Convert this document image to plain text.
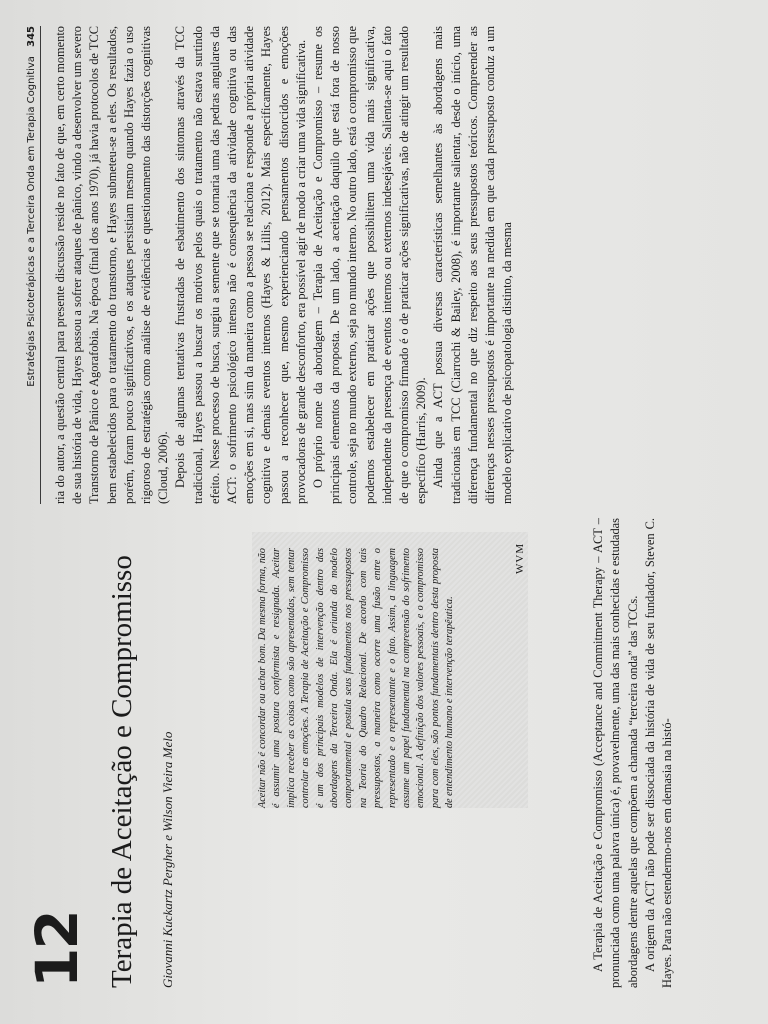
12 Terapia de Aceitação e Compromisso Giovanni Kuckartz Pergher e Wilson Vieira Melo
Aceitar não é concordar ou achar bom. Da mesma forma, não é assumir uma postura conformista e resignada. Aceitar implica receber as coisas como são apresentadas, sem tentar controlar as emoções. A Terapia de Aceitação e Compromisso é um dos principais modelos de intervenção dentro das abordagens da Terceira Onda. Ela é oriunda do modelo comportamental e postula seus fundamentos nos pressupostos na Teoria do Quadro Relacional. De acordo com tais pressupostos, a maneira como ocorre uma fusão entre o representado e o representante e o fato. Assim, a linguagem assume um papel fundamental na compreensão do sofrimento emocional. A definição dos valores pessoais, e o compromisso para com eles, são pontos fundamentais dentro desta proposta de entendimento humano e intervenção terapêutica.
WVM	A Terapia de Aceitação e Compromisso (Acceptance and Commitment Therapy – ACT – pronunciada como uma palavra única) é, provavelmente, uma das mais conhecidas e estudadas abordagens dentre aquelas que compõem a chamada “terceira onda” das TCCs. A origem da ACT não pode ser dissociada da história de vida de seu fundador, Steven C. Hayes. Para não estendermo-nos em demasia na histó-

Estratégias Psicoterápicas e a Terceira Onda em Terapia Cognitiva 345	ria do autor, a questão central para presente discussão reside no fato de que, em certo momento de sua história de vida, Hayes passou a sofrer ataques de pânico, vindo a desenvolver um severo Transtorno de Pânico e Agorafobia. Na época (final dos anos 1970), já havia protocolos de TCC bem estabelecidos para o tratamento do transtorno, e Hayes submeteu-se a eles. Os resultados, porém, foram pouco significativos, e os ataques persistiam mesmo quando Hayes fazia o uso rigoroso de estratégias como análise de evidências e questionamento das distorções cognitivas (Cloud, 2006). Depois de algumas tentativas frustradas de esbatimento dos sintomas através da TCC tradicional, Hayes passou a buscar os motivos pelos quais o tratamento não estava surtindo efeito. Nesse processo de busca, surgiu a semente que se tornaria uma das pedras angulares da ACT: o sofrimento psicológico intenso não é consequência da atividade cognitiva ou das emoções em si, mas sim da maneira como a pessoa se relaciona e responde a própria atividade cognitiva e demais eventos internos (Hayes & Lillis, 2012). Mais especificamente, Hayes passou a reconhecer que, mesmo experienciando pensamentos distorcidos e emoções provocadoras de grande desconforto, era possível agir de modo a criar uma vida significativa. O próprio nome da abordagem – Terapia de Aceitação e Compromisso – resume os principais elementos da proposta. De um lado, a aceitação daquilo que está fora de nosso controle, seja no mundo externo, seja no mundo interno. No outro lado, está o compromisso que podemos estabelecer em praticar ações que possibilitem uma vida mais significativa, independente da presença de eventos internos ou externos indesejáveis. Salienta-se aqui o fato de que o compromisso firmado é o de praticar ações significativas, não de atingir um resultado específico (Harris, 2009). Ainda que a ACT possua diversas características semelhantes às abordagens mais tradicionais em TCC (Ciarrochi & Bailey, 2008), é importante salientar, desde o início, uma diferença fundamental no que diz respeito aos seus pressupostos teóricos. Compreender as diferenças nesses pressupostos é importante na medida em que cada pressuposto conduz a um modelo explicativo de psicopatologia distinto, da mesma
